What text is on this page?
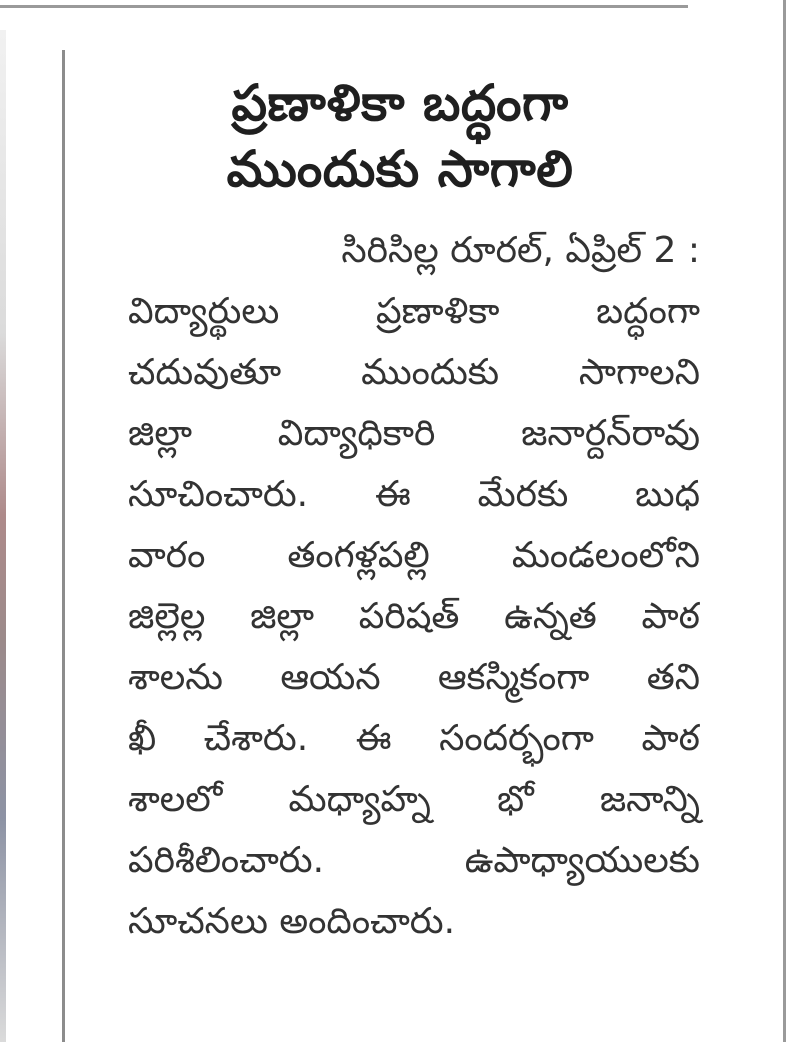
ప్రణాళికా బద్ధంగా
ముందుకు సాగాలి
సిరిసిల్ల రూరల్, ఏప్రిల్ 2 :
విద్యార్థులు ప్రణాళికా బద్ధంగా
చదువుతూ ముందుకు సాగాలని
జిల్లా విద్యాధికారి జనార్దన్‌రావు
సూచించారు. ఈ మేరకు బుధ
వారం తంగళ్లపల్లి మండలంలోని
జిల్లెల్ల జిల్లా పరిషత్ ఉన్నత పాఠ
శాలను ఆయన ఆకస్మికంగా తని
ఖీ చేశారు. ఈ సందర్భంగా పాఠ
శాలలో మధ్యాహ్న భో జనాన్ని
పరిశీలించారు. ఉపాధ్యాయులకు
సూచనలు అందించారు.
